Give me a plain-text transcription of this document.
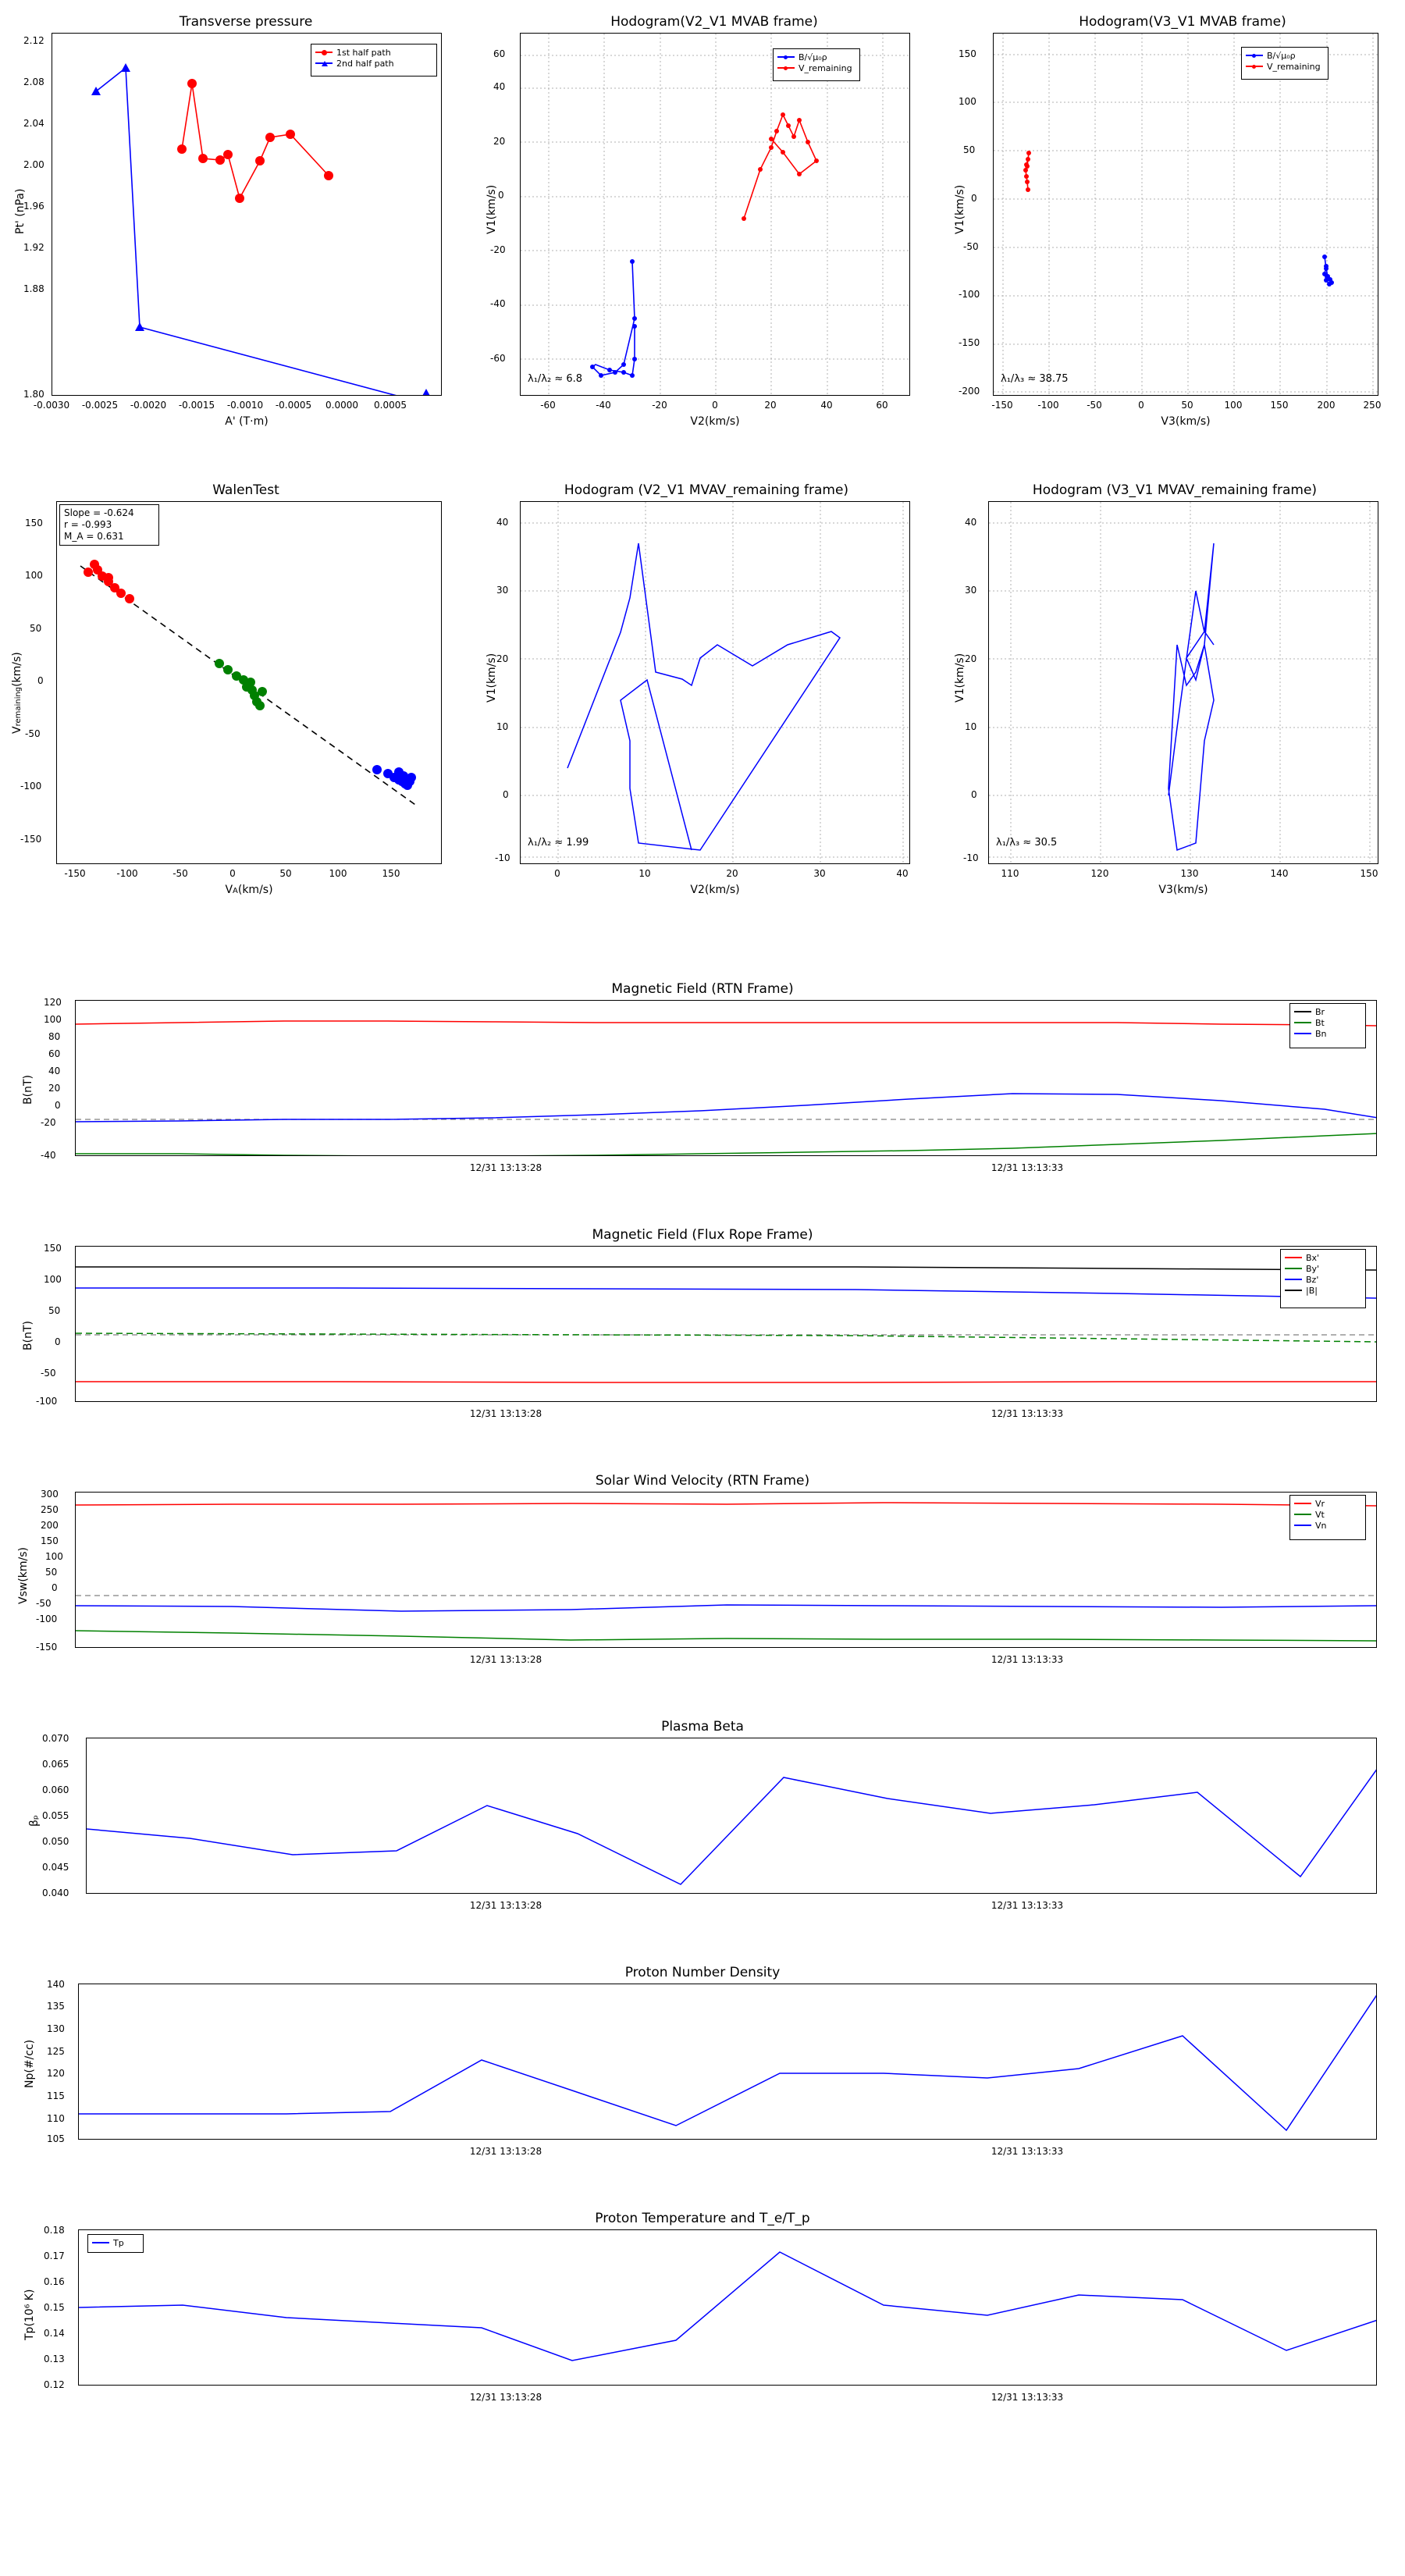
Transverse pressure
Pt' (nPa)
1st half path
2nd half path
2.12
2.08
2.04
2.00
1.96
1.92
1.88
1.80
-0.0030	-0.0025	-0.0020	-0.0015	-0.0010	-0.0005	0.0000	0.0005
A' (T·m)
Hodogram(V2_V1 MVAB frame)
V1(km/s)
B/√μ₀ρ
V_remaining
λ₁/λ₂ ≈ 6.8
60
40
20
0
-20
-40
-60
-60	-40	-20	0	20	40	60
V2(km/s)
Hodogram(V3_V1 MVAB frame)
V1(km/s)
B/√μ₀ρ
V_remaining
λ₁/λ₃ ≈ 38.75
150
100
50
0
-50
-100
-150
-200
-150	-100	-50	0	50	100	150	200	250
V3(km/s)
WalenTest
Vremaining(km/s)
Slope = -0.624
r = -0.993
M_A = 0.631
150
100
50
0
-50
-100
-150
-150	-100	-50	0	50	100	150
VA(km/s)
Hodogram (V2_V1 MVAV_remaining frame)
V1(km/s)
λ₁/λ₂ ≈ 1.99
40
30
20
10
0
-10
0	10	20	30	40
V2(km/s)
Hodogram (V3_V1 MVAV_remaining frame)
V1(km/s)
λ₁/λ₃ ≈ 30.5
40
30
20
10
0
-10
110	120	130	140	150
V3(km/s)
Magnetic Field (RTN Frame)
B(nT)
Br
Bt
Bn
120
100
80
60
40
20
0
-20
-40
12/31 13:13:28	12/31 13:13:33
Magnetic Field (Flux Rope Frame)
B(nT)
Bx'
By'
Bz'
|B|
150
100
50
0
-50
-100
12/31 13:13:28	12/31 13:13:33
Solar Wind Velocity (RTN Frame)
Vsw(km/s)
Vr
Vt
Vn
300
250
200
150
100
50
0
-50
-100
-150
12/31 13:13:28	12/31 13:13:33
Plasma Beta
βₚ
0.070
0.065
0.060
0.055
0.050
0.045
0.040
12/31 13:13:28	12/31 13:13:33
Proton Number Density
Np(#/cc)
140
135
130
125
120
115
110
105
12/31 13:13:28	12/31 13:13:33
Proton Temperature and T_e/T_p
Tp(10⁶ K)
Tp
0.18
0.17
0.16
0.15
0.14
0.13
0.12
12/31 13:13:28	12/31 13:13:33
